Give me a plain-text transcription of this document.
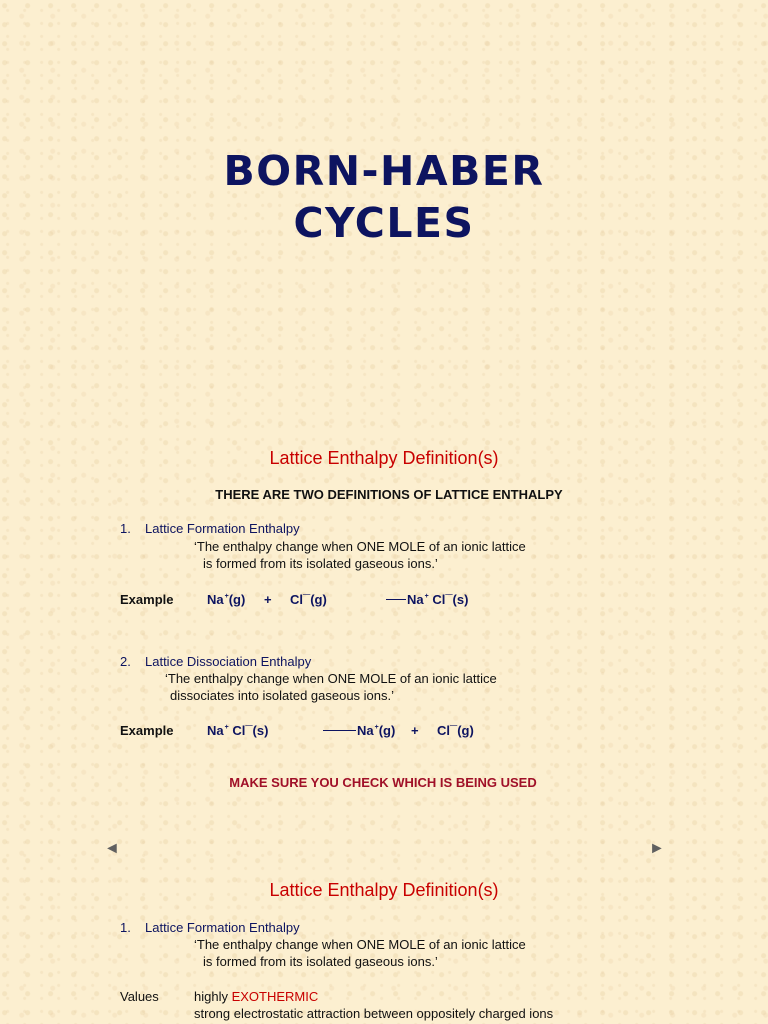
BORN-HABER
CYCLES
Lattice Enthalpy Definition(s)
THERE ARE TWO DEFINITIONS OF LATTICE ENTHALPY
1. Lattice Formation Enthalpy
‘The enthalpy change when ONE MOLE of an ionic lattice
is formed from its isolated gaseous ions.’
Example	Na+(g) + Cl¯(g)	Na+ Cl¯(s)
2. Lattice Dissociation Enthalpy
‘The enthalpy change when ONE MOLE of an ionic lattice
dissociates into isolated gaseous ions.’
Example	Na+ Cl¯(s)	Na+(g) + Cl¯(g)
MAKE SURE YOU CHECK WHICH IS BEING USED
◄	►
Lattice Enthalpy Definition(s)
1. Lattice Formation Enthalpy
‘The enthalpy change when ONE MOLE of an ionic lattice
is formed from its isolated gaseous ions.’
Values	highly EXOTHERMIC
strong electrostatic attraction between oppositely charged ions
